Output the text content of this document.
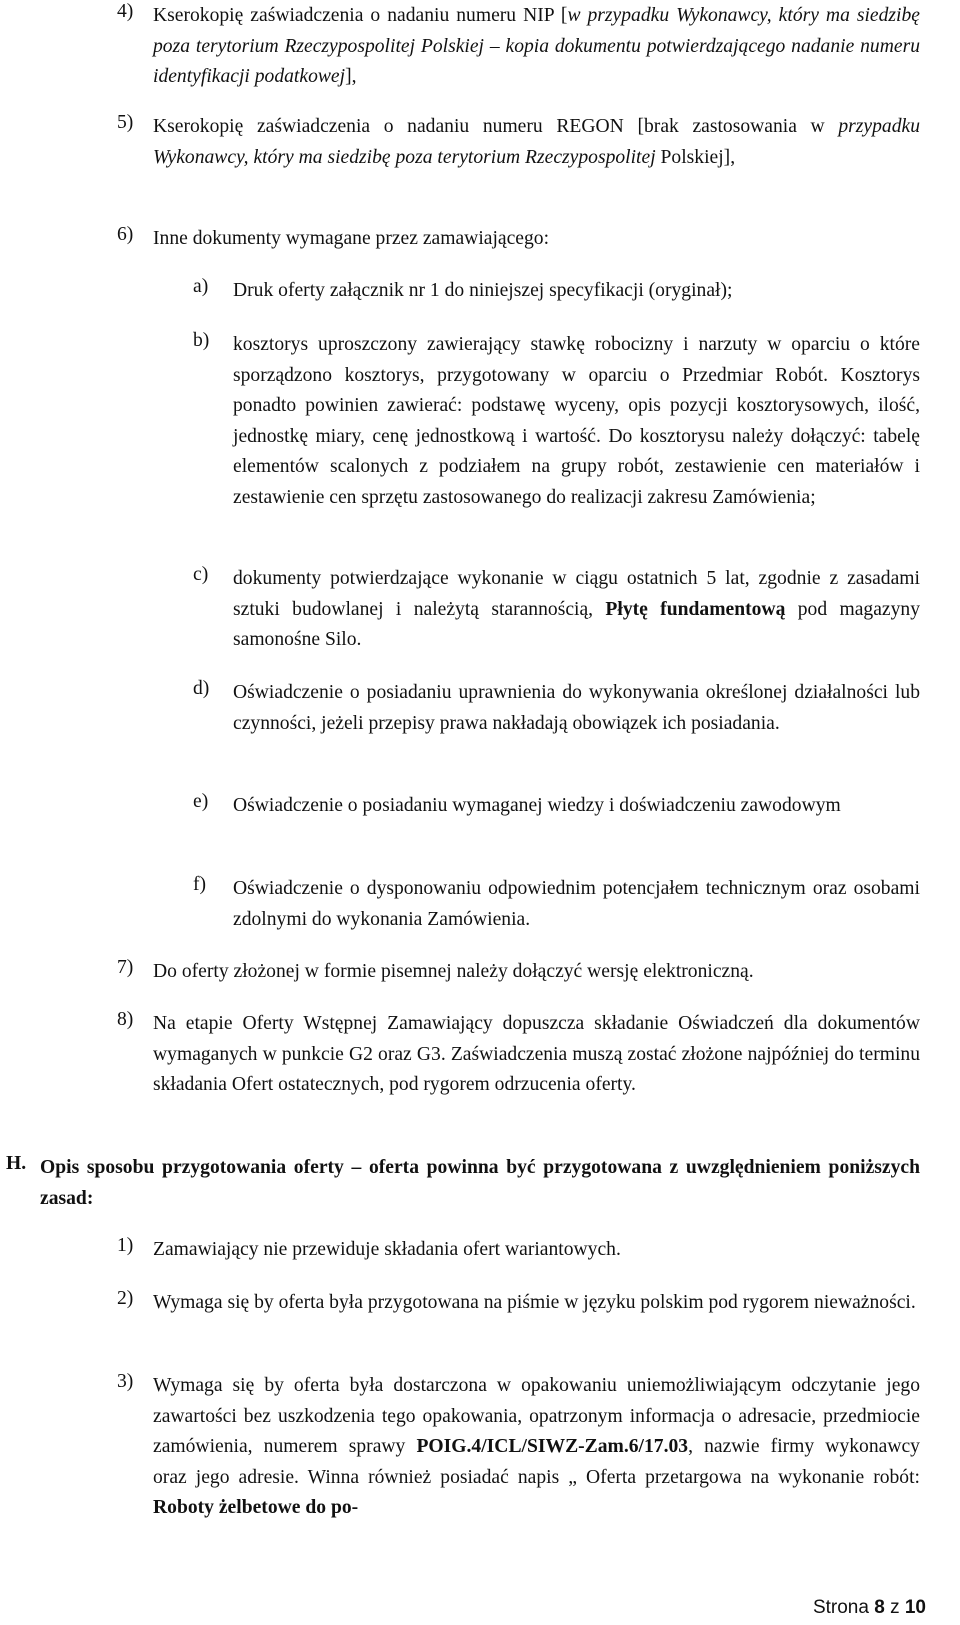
4) Kserokopię zaświadczenia o nadaniu numeru NIP [w przypadku Wykonawcy, który ma siedzibę poza terytorium Rzeczypospolitej Polskiej – kopia dokumentu potwierdzającego nadanie numeru identyfikacji podatkowej],

5) Kserokopię zaświadczenia o nadaniu numeru REGON [brak zastosowania w przypadku Wykonawcy, który ma siedzibę poza terytorium Rzeczypospolitej Polskiej],

6) Inne dokumenty wymagane przez zamawiającego:

a) Druk oferty załącznik nr 1 do niniejszej specyfikacji (oryginał);

b) kosztorys uproszczony zawierający stawkę robocizny i narzuty w oparciu o które sporządzono kosztorys, przygotowany w oparciu o Przedmiar Robót. Kosztorys ponadto powinien zawierać: podstawę wyceny, opis pozycji kosztorysowych, ilość, jednostkę miary, cenę jednostkową i wartość. Do kosztorysu należy dołączyć: tabelę elementów scalonych z podziałem na grupy robót, zestawienie cen materiałów i zestawienie cen sprzętu zastosowanego do realizacji zakresu Zamówienia;

c) dokumenty potwierdzające wykonanie w ciągu ostatnich 5 lat, zgodnie z zasadami sztuki budowlanej i należytą starannością, Płytę fundamentową pod magazyny samonośne Silo.

d) Oświadczenie o posiadaniu uprawnienia do wykonywania określonej działalności lub czynności, jeżeli przepisy prawa nakładają obowiązek ich posiadania.

e) Oświadczenie o posiadaniu wymaganej wiedzy i doświadczeniu zawodowym

f) Oświadczenie o dysponowaniu odpowiednim potencjałem technicznym oraz osobami zdolnymi do wykonania Zamówienia.

7) Do oferty złożonej w formie pisemnej należy dołączyć wersję elektroniczną.

8) Na etapie Oferty Wstępnej Zamawiający dopuszcza składanie Oświadczeń dla dokumentów wymaganych w punkcie G2 oraz G3. Zaświadczenia muszą zostać złożone najpóźniej do terminu składania Ofert ostatecznych, pod rygorem odrzucenia oferty.

H. Opis sposobu przygotowania oferty – oferta powinna być przygotowana z uwzględnieniem poniższych zasad:

1) Zamawiający nie przewiduje składania ofert wariantowych.

2) Wymaga się by oferta była przygotowana na piśmie w języku polskim pod rygorem nieważności.

3) Wymaga się by oferta była dostarczona w opakowaniu uniemożliwiającym odczytanie jego zawartości bez uszkodzenia tego opakowania, opatrzonym informacja o adresacie, przedmiocie zamówienia, numerem sprawy POIG.4/ICL/SIWZ-Zam.6/17.03, nazwie firmy wykonawcy oraz jego adresie. Winna również posiadać napis „ Oferta przetargowa na wykonanie robót: Roboty żelbetowe do po-

Strona 8 z 10
